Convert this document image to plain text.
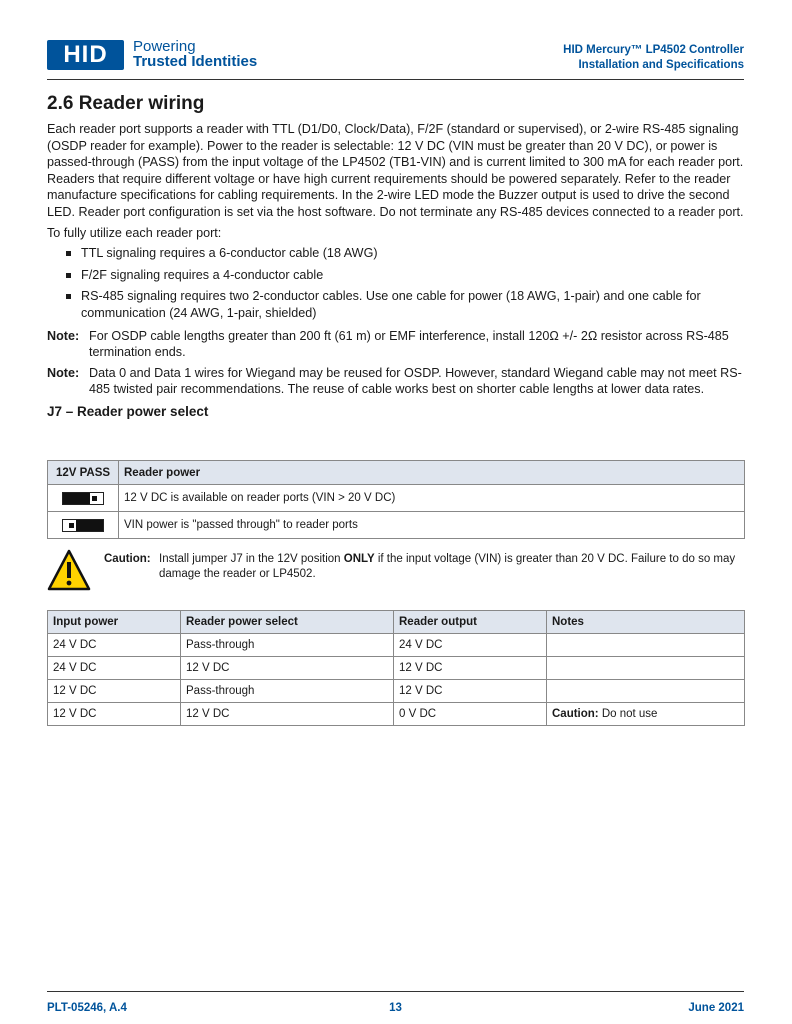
HID	Powering
Trusted Identities
HID Mercury™ LP4502 Controller
Installation and Specifications
2.6 Reader wiring

Each reader port supports a reader with TTL (D1/D0, Clock/Data), F/2F (standard or supervised), or 2-wire RS-485 signaling (OSDP reader for example). Power to the reader is selectable: 12 V DC (VIN must be greater than 20 V DC), or power is passed-through (PASS) from the input voltage of the LP4502 (TB1-VIN) and is current limited to 300 mA for each reader port. Readers that require different voltage or have high current requirements should be powered separately. Refer to the reader manufacture specifications for cabling requirements. In the 2-wire LED mode the Buzzer output is used to drive the second LED. Reader port configuration is set via the host software. Do not terminate any RS-485 devices connected to a reader port.

To fully utilize each reader port:

TTL signaling requires a 6-conductor cable (18 AWG)
F/2F signaling requires a 4-conductor cable
RS-485 signaling requires two 2-conductor cables. Use one cable for power (18 AWG, 1-pair) and one cable for communication (24 AWG, 1-pair, shielded)
Note: For OSDP cable lengths greater than 200 ft (61 m) or EMF interference, install 120Ω +/- 2Ω resistor across RS-485 termination ends.
Note: Data 0 and Data 1 wires for Wiegand may be reused for OSDP. However, standard Wiegand cable may not meet RS-485 twisted pair recommendations. The reuse of cable works best on shorter cable lengths at lower data rates.
J7 – Reader power select
12V PASS	Reader power

	12 V DC is available on reader ports (VIN > 20 V DC)

	VIN power is "passed through" to reader ports
Caution: Install jumper J7 in the 12V position ONLY if the input voltage (VIN) is greater than 20 V DC. Failure to do so may damage the reader or LP4502.
Input power	Reader power select	Reader output	Notes
24 V DC	Pass-through	24 V DC	
24 V DC	12 V DC	12 V DC	
12 V DC	Pass-through	12 V DC	
12 V DC	12 V DC	0 V DC	Caution: Do not use
PLT-05246, A.4	13	June 2021
